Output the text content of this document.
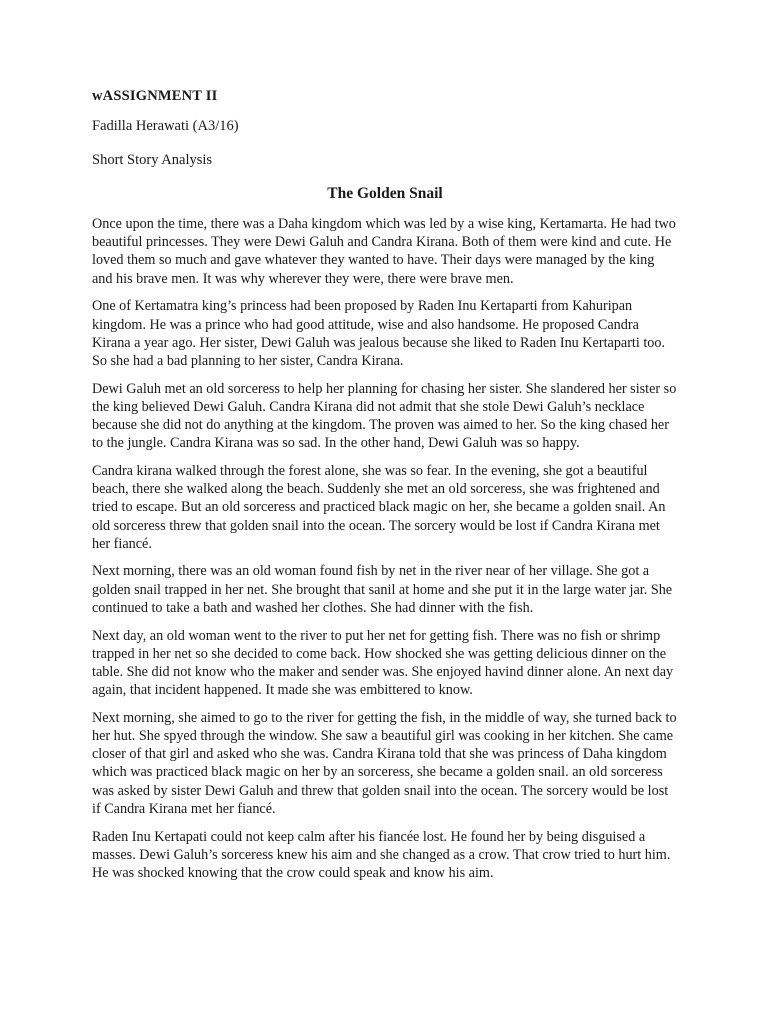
wASSIGNMENT II
Fadilla Herawati (A3/16)
Short Story Analysis
The Golden Snail

Once upon the time, there was a Daha kingdom which was led by a wise king, Kertamarta. He had two beautiful princesses. They were Dewi Galuh and Candra Kirana. Both of them were kind and cute. He loved them so much and gave whatever they wanted to have. Their days were managed by the king and his brave men. It was why wherever they were, there were brave men.

One of Kertamatra king’s princess had been proposed by Raden Inu Kertaparti from Kahuripan kingdom. He was a prince who had good attitude, wise and also handsome. He proposed Candra Kirana a year ago. Her sister, Dewi Galuh was jealous because she liked to Raden Inu Kertaparti too. So she had a bad planning to her sister, Candra Kirana.

Dewi Galuh met an old sorceress to help her planning for chasing her sister. She slandered her sister so the king believed Dewi Galuh. Candra Kirana did not admit that she stole Dewi Galuh’s necklace because she did not do anything at the kingdom. The proven was aimed to her. So the king chased her to the jungle. Candra Kirana was so sad. In the other hand, Dewi Galuh was so happy.

Candra kirana walked through the forest alone, she was so fear. In the evening, she got a beautiful beach, there she walked along the beach. Suddenly she met an old sorceress, she was frightened and tried to escape. But an old sorceress and practiced black magic on her, she became a golden snail. An old sorceress threw that golden snail into the ocean. The sorcery would be lost if Candra Kirana met her fiancé.

Next morning, there was an old woman found fish by net in the river near of her village. She got a golden snail trapped in her net. She brought that sanil at home and she put it in the large water jar. She continued to take a bath and washed her clothes. She had dinner with the fish.

Next day, an old woman went to the river to put her net for getting fish. There was no fish or shrimp trapped in her net so she decided to come back. How shocked she was getting delicious dinner on the table. She did not know who the maker and sender was. She enjoyed havind dinner alone. An next day again, that incident happened. It made she was embittered to know.

Next morning, she aimed to go to the river for getting the fish, in the middle of way, she turned back to her hut. She spyed through the window. She saw a beautiful girl was cooking in her kitchen. She came closer of that girl and asked who she was. Candra Kirana told that she was princess of Daha kingdom which was practiced black magic on her by an sorceress, she became a golden snail. an old sorceress was asked by sister Dewi Galuh and threw that golden snail into the ocean. The sorcery would be lost if Candra Kirana met her fiancé.

Raden Inu Kertapati could not keep calm after his fiancée lost. He found her by being disguised a masses. Dewi Galuh’s sorceress knew his aim and she changed as a crow. That crow tried to hurt him. He was shocked knowing that the crow could speak and know his aim.
